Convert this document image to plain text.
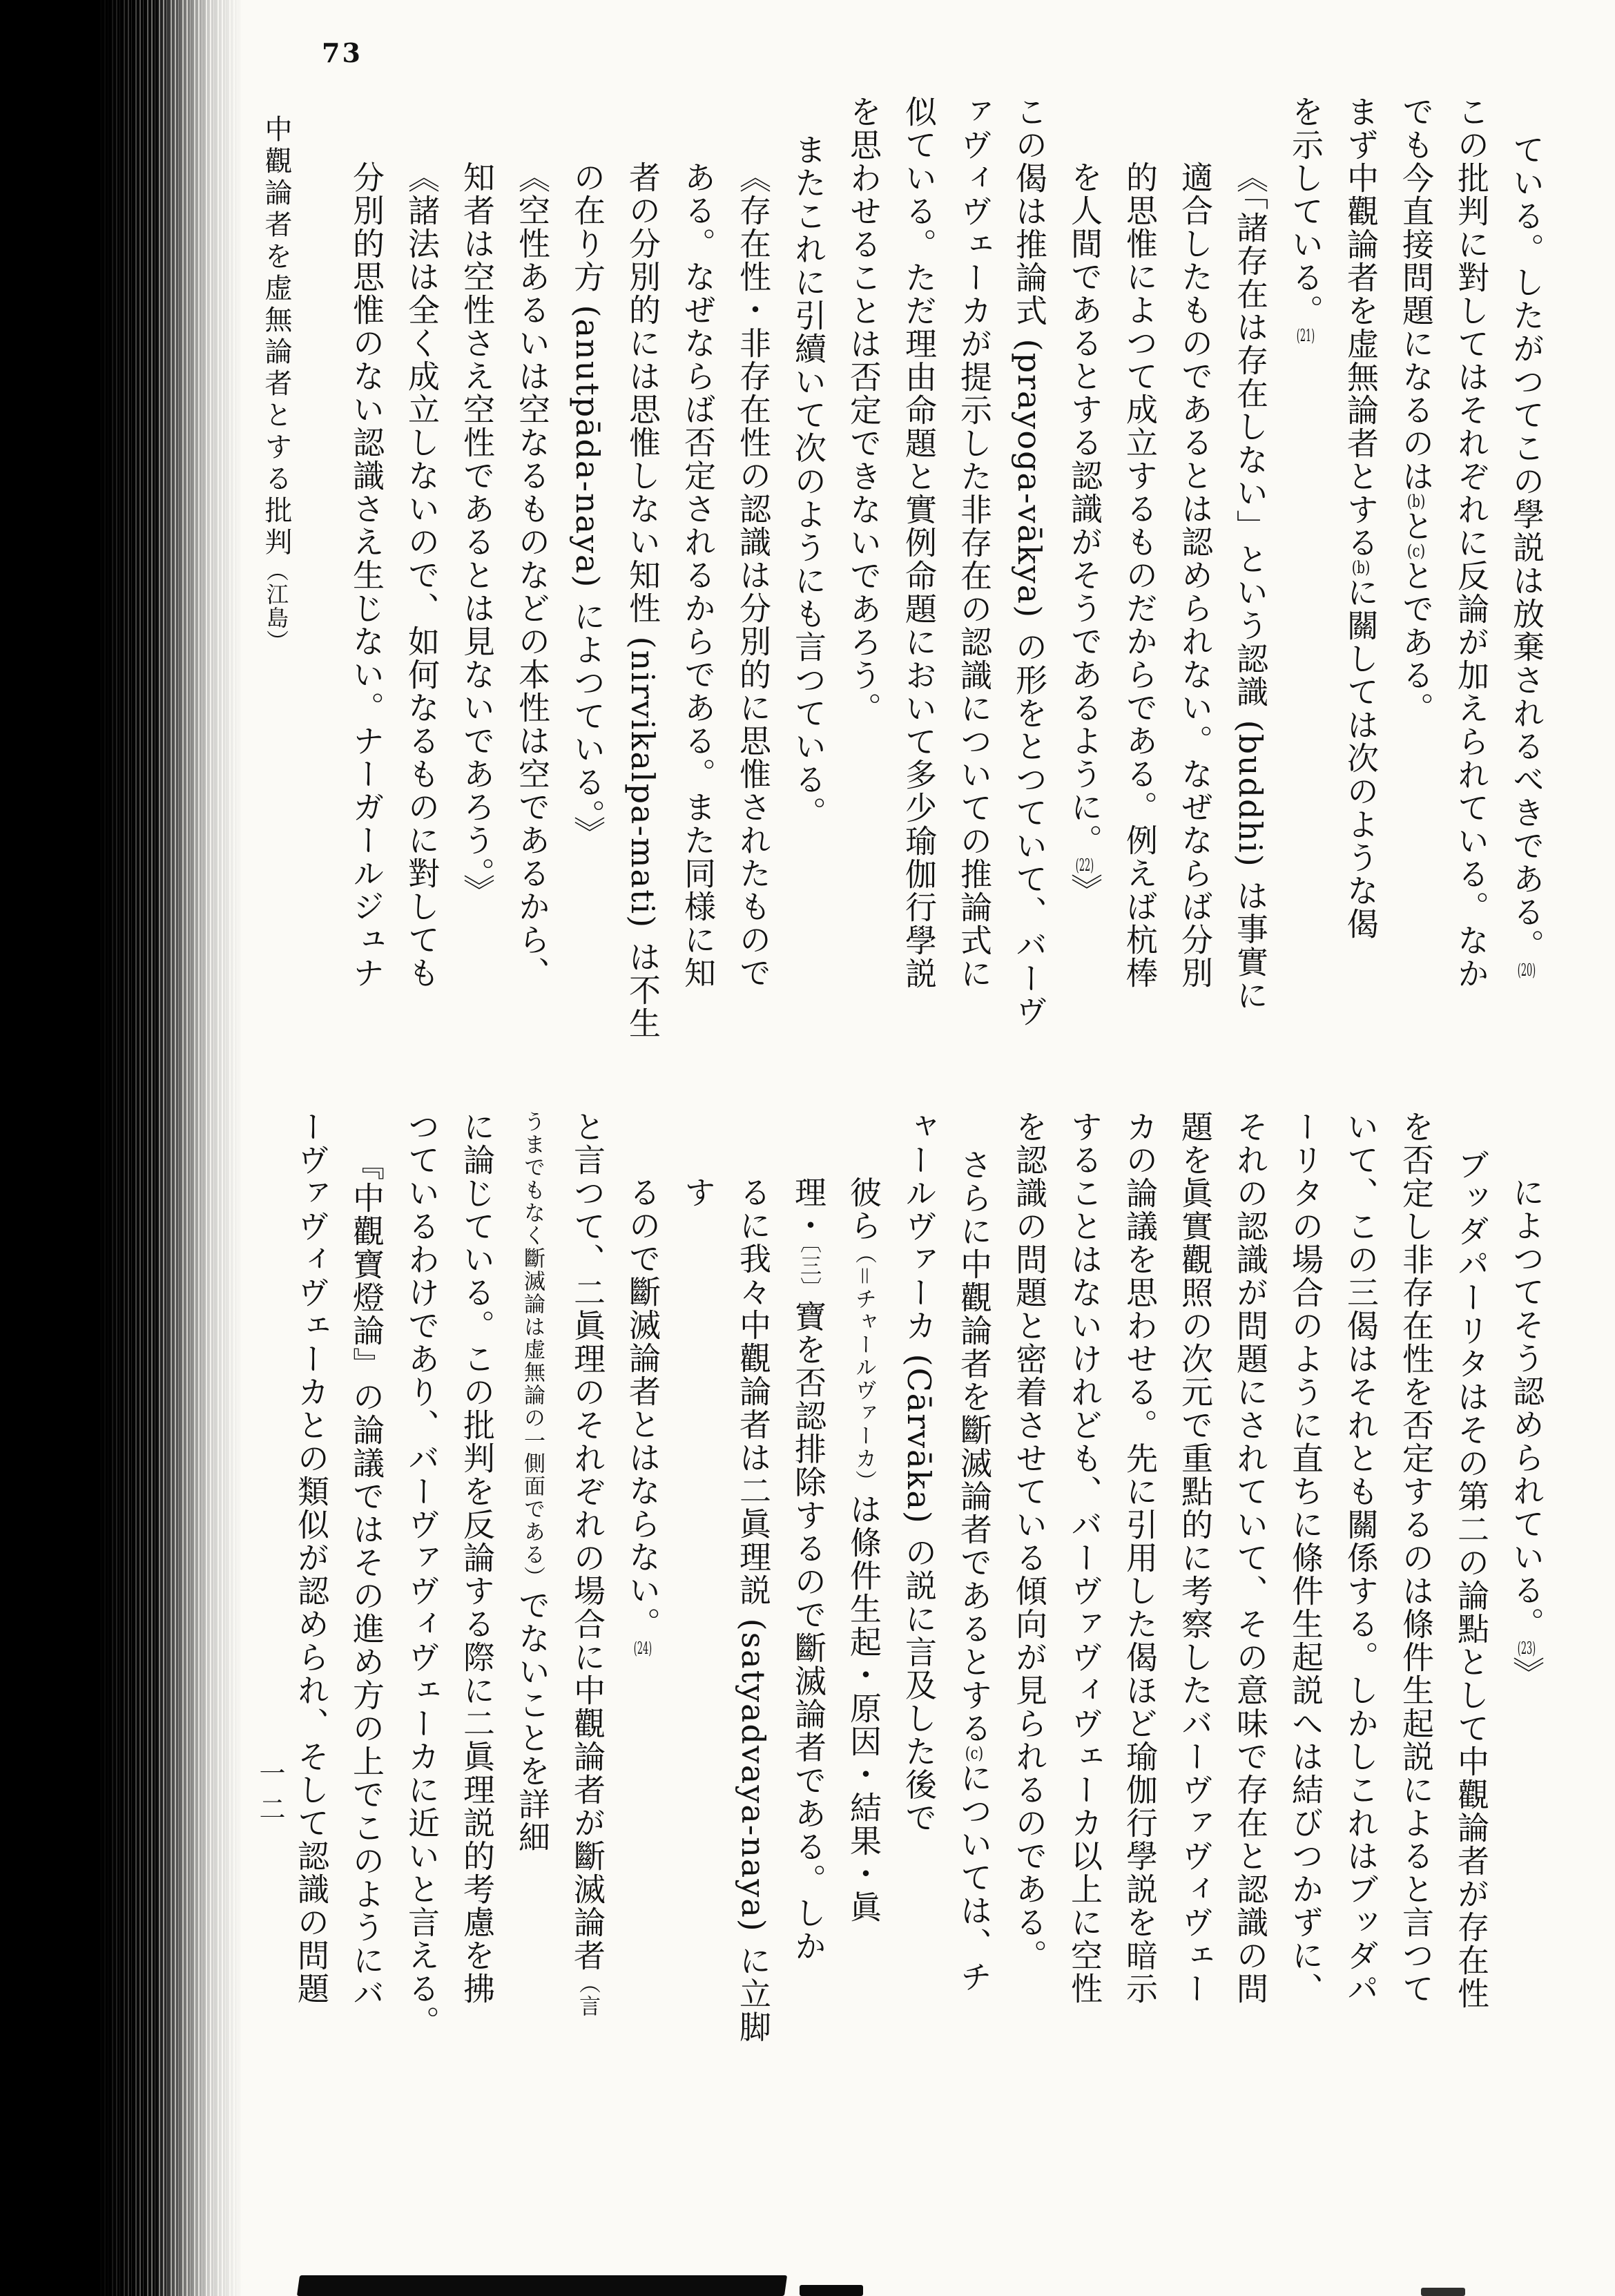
73
ている。したがつてこの學説は放棄されるべきである。(20)
この批判に對してはそれぞれに反論が加えられている。なか
でも今直接問題になるのは(b)と(c)とである。
まず中觀論者を虚無論者とする(b)に關しては次のような偈
を示している。(21)
《「諸存在は存在しない」という認識 (buddhi) は事實に
適合したものであるとは認められない。なぜならば分別
的思惟によつて成立するものだからである。例えば杭棒
を人間であるとする認識がそうであるように。(22)》
この偈は推論式 (prayoga-vākya) の形をとつていて、バーヴ
ァヴィヴェーカが提示した非存在の認識についての推論式に
似ている。ただ理由命題と實例命題において多少瑜伽行學説
を思わせることは否定できないであろう。
またこれに引續いて次のようにも言つている。
《存在性・非存在性の認識は分別的に思惟されたもので
ある。なぜならば否定されるからである。また同様に知
者の分別的には思惟しない知性 (nirvikalpa-mati) は不生
の在り方 (anutpāda-naya) によつている。》
《空性あるいは空なるものなどの本性は空であるから、
知者は空性さえ空性であるとは見ないであろう。》
《諸法は全く成立しないので、如何なるものに對しても
分別的思惟のない認識さえ生じない。ナーガールジュナ
中觀論者を虚無論者とする批判（江島）
によつてそう認められている。(23)》
ブッダパーリタはその第二の論點として中觀論者が存在性
を否定し非存在性を否定するのは條件生起説によると言つて
いて、この三偈はそれとも關係する。しかしこれはブッダパ
ーリタの場合のように直ちに條件生起説へは結びつかずに、
それの認識が問題にされていて、その意味で存在と認識の問
題を眞實觀照の次元で重點的に考察したバーヴァヴィヴェー
カの論議を思わせる。先に引用した偈ほど瑜伽行學説を暗示
することはないけれども、バーヴァヴィヴェーカ以上に空性
を認識の問題と密着させている傾向が見られるのである。
さらに中觀論者を斷滅論者であるとする(c)については、チ
ャールヴァーカ (Cārvāka) の説に言及した後で
彼ら（＝チャールヴァーカ）は條件生起・原因・結果・眞
理・〔三〕寶を否認排除するので斷滅論者である。しか
るに我々中觀論者は二眞理説 (satyadvaya-naya) に立脚す
るので斷滅論者とはならない。(24)
と言つて、二眞理のそれぞれの場合に中觀論者が斷滅論者（言
うまでもなく斷滅論は虚無論の一側面である）でないことを詳細
に論じている。この批判を反論する際に二眞理説的考慮を拂
つているわけであり、バーヴァヴィヴェーカに近いと言える。
『中觀寶燈論』の論議ではその進め方の上でこのようにバ
ーヴァヴィヴェーカとの類似が認められ、そして認識の問題
一二
